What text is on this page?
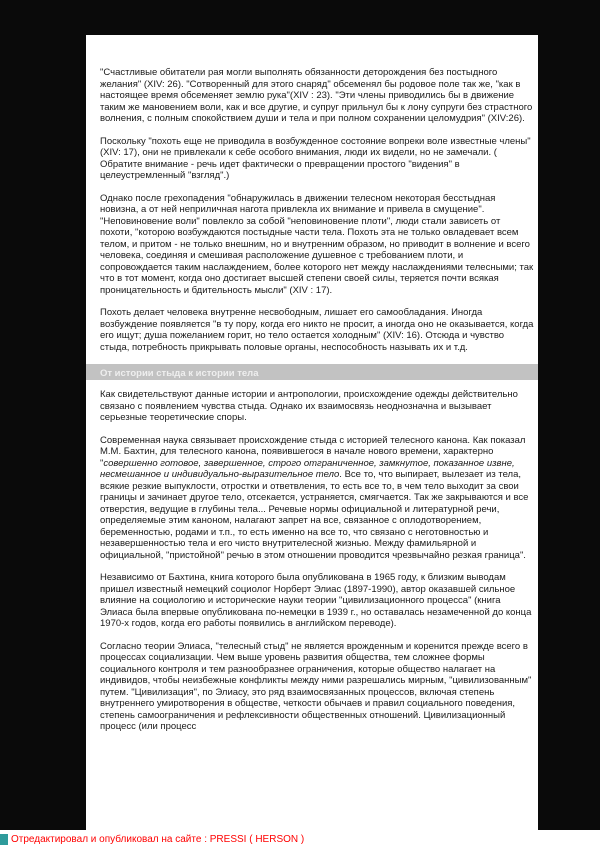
"Счастливые обитатели рая могли выполнять обязанности деторождения без постыдного желания" (XIV: 26). "Сотворенный для этого снаряд" обсеменял бы родовое поле так же, "как в настоящее время обсеменяет землю рука"(XIV : 23). "Эти члены приводились бы в движение таким же мановением воли, как и все другие, и супруг прильнул бы к лону супруги без страстного волнения, с полным спокойствием души и тела и при полном сохранении целомудрия" (XIV:26).

Поскольку "похоть еще не приводила в возбужденное состояние вопреки воле известные члены" (XIV: 17), они не привлекали к себе особого внимания, люди их видели, но не замечали. ( Обратите внимание - речь идет фактически о превращении простого "видения" в целеустремленный "взгляд".)

Однако после грехопадения "обнаружилась в движении телесном некоторая бесстыдная новизна, а от ней неприличная нагота привлекла их внимание и привела в смущение". "Неповиновение воли" повлекло за собой "неповиновение плоти", люди стали зависеть от похоти, "которою возбуждаются постыдные части тела. Похоть эта не только овладевает всем телом, и притом - не только внешним, но и внутренним образом, но приводит в волнение и всего человека, соединяя и смешивая расположение душевное с требованием плоти, и сопровождается таким наслаждением, более которого нет между наслаждениями телесными; так что в тот момент, когда оно достигает высшей степени своей силы, теряется почти всякая проницательность и бдительность мысли" (XIV : 17).

Похоть делает человека внутренне несвободным, лишает его самообладания. Иногда возбуждение появляется "в ту пору, когда его никто не просит, а иногда оно не оказывается, когда его ищут; душа пожеланием горит, но тело остается холодным" (XIV: 16). Отсюда и чувство стыда, потребность прикрывать половые органы, неспособность называть их и т.д.

От истории стыда к истории тела

Как свидетельствуют данные истории и антропологии, происхождение одежды действительно связано с появлением чувства стыда. Однако их взаимосвязь неоднозначна и вызывает серьезные теоретические споры.

Современная наука связывает происхождение стыда с историей телесного канона. Как показал М.М. Бахтин, для телесного канона, появившегося в начале нового времени, характерно "совершенно готовое, завершенное, строго отграниченное, замкнутое, показанное извне, несмешанное и индивидуально-выразительное тело. Все то, что выпирает, вылезает из тела, всякие резкие выпуклости, отростки и ответвления, то есть все то, в чем тело выходит за свои границы и зачинает другое тело, отсекается, устраняется, смягчается. Так же закрываются и все отверстия, ведущие в глубины тела... Речевые нормы официальной и литературной речи, определяемые этим каноном, налагают запрет на все, связанное с оплодотворением, беременностью, родами и т.п., то есть именно на все то, что связано с неготовностью и незавершенностью тела и его чисто внутрителесной жизнью. Между фамильярной и официальной, "пристойной" речью в этом отношении проводится чрезвычайно резкая граница".

Независимо от Бахтина, книга которого была опубликована в 1965 году, к близким выводам пришел известный немецкий социолог Норберт Элиас (1897-1990), автор оказавшей сильное влияние на социологию и исторические науки теории "цивилизационного процесса" (книга Элиаса была впервые опубликована по-немецки в 1939 г., но оставалась незамеченной до конца 1970-х годов, когда его работы появились в английском переводе).

Согласно теории Элиаса, "телесный стыд" не является врожденным и коренится прежде всего в процессах социализации. Чем выше уровень развития общества, тем сложнее формы социального контроля и тем разнообразнее ограничения, которые общество налагает на индивидов, чтобы неизбежные конфликты между ними разрешались мирным, "цивилизованным" путем. "Цивилизация", по Элиасу, это ряд взаимосвязанных процессов, включая степень внутреннего умиротворения в обществе, четкости обычаев и правил социального поведения, степень самоограничения и рефлексивности общественных отношений. Цивилизационный процесс (или процесс

Отредактировал и опубликовал на сайте : PRESSI ( HERSON )
